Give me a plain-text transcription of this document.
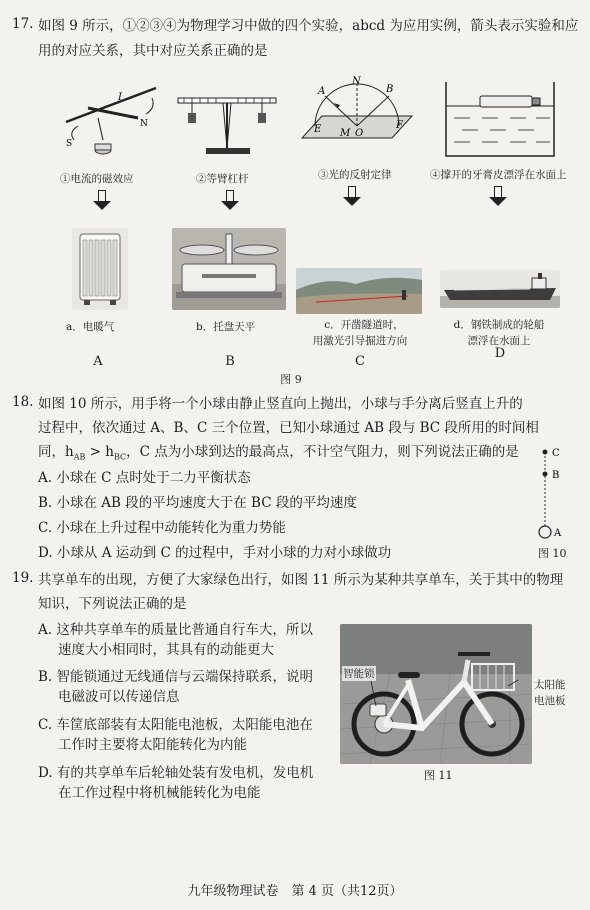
17. 如图 9 所示，①②③④为物理学习中做的四个实验，abcd 为应用实例，箭头表示实验和应
用的对应关系，其中对应关系正确的是
I
N
S
A
N
B
E M O
F
①电流的磁效应	②等臂杠杆	③光的反射定律	④撑开的牙膏皮漂浮在水面上
a．电暖气	b．托盘天平	c．开凿隧道时，
用激光引导掘进方向
d．钢铁制成的轮船
漂浮在水面上
A	B	C
D
图 9
18. 如图 10 所示，用手将一个小球由静止竖直向上抛出，小球与手分离后竖直上升的
过程中，依次通过 A、B、C 三个位置，已知小球通过 AB 段与 BC 段所用的时间相
同，$h_{AB} > h_{BC}$，C 点为小球到达的最高点，不计空气阻力，则下列说法正确的是
A. 小球在 C 点时处于二力平衡状态
B. 小球在 AB 段的平均速度大于在 BC 段的平均速度
C. 小球在上升过程中动能转化为重力势能
D. 小球从 A 运动到 C 的过程中，手对小球的力对小球做功
C
B
A
图 10
19. 共享单车的出现，方便了大家绿色出行，如图 11 所示为某种共享单车，关于其中的物理
知识，下列说法正确的是
A. 这种共享单车的质量比普通自行车大，所以
速度大小相同时，其具有的动能更大
B. 智能锁通过无线通信与云端保持联系，说明
电磁波可以传递信息
C. 车筐底部装有太阳能电池板，太阳能电池在
工作时主要将太阳能转化为内能
D. 有的共享单车后轮轴处装有发电机，发电机
在工作过程中将机械能转化为电能
智能锁
太阳能
电池板
图 11
九年级物理试卷　第 4 页（共12页）
